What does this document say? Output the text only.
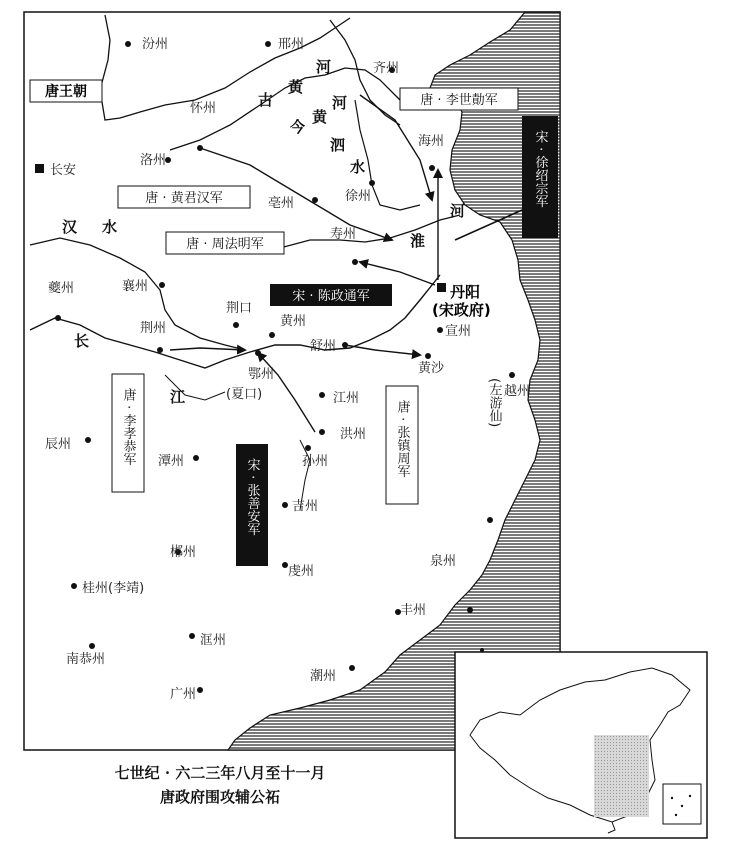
唐王朝
长安
汾州	邢州
齐州
怀州
洛州
海州
徐州
亳州
寿州
夔州	襄州
荆州
荆口
黄州
宣州
舒州
黄沙
鄂州
(夏口)	江州	越州
辰州
潭州
洪州
孙州
吉州
郴州
泉州
虔州
桂州(李靖)
丰州
洭州
南恭州
潮州
广州
丹阳
(宋政府)
古
黄
河
今
黄
河
泗
水
淮
河
汉 水
长
江
唐 · 李世勣军
唐 · 黄君汉军
唐 · 周法明军
宋 · 陈政通军
宋 · 徐绍宗军
唐 · 李孝恭军
宋 · 张善安军
唐 · 张镇周军	(左游仙)
七世纪 · 六二三年八月至十一月
唐政府围攻辅公祏
